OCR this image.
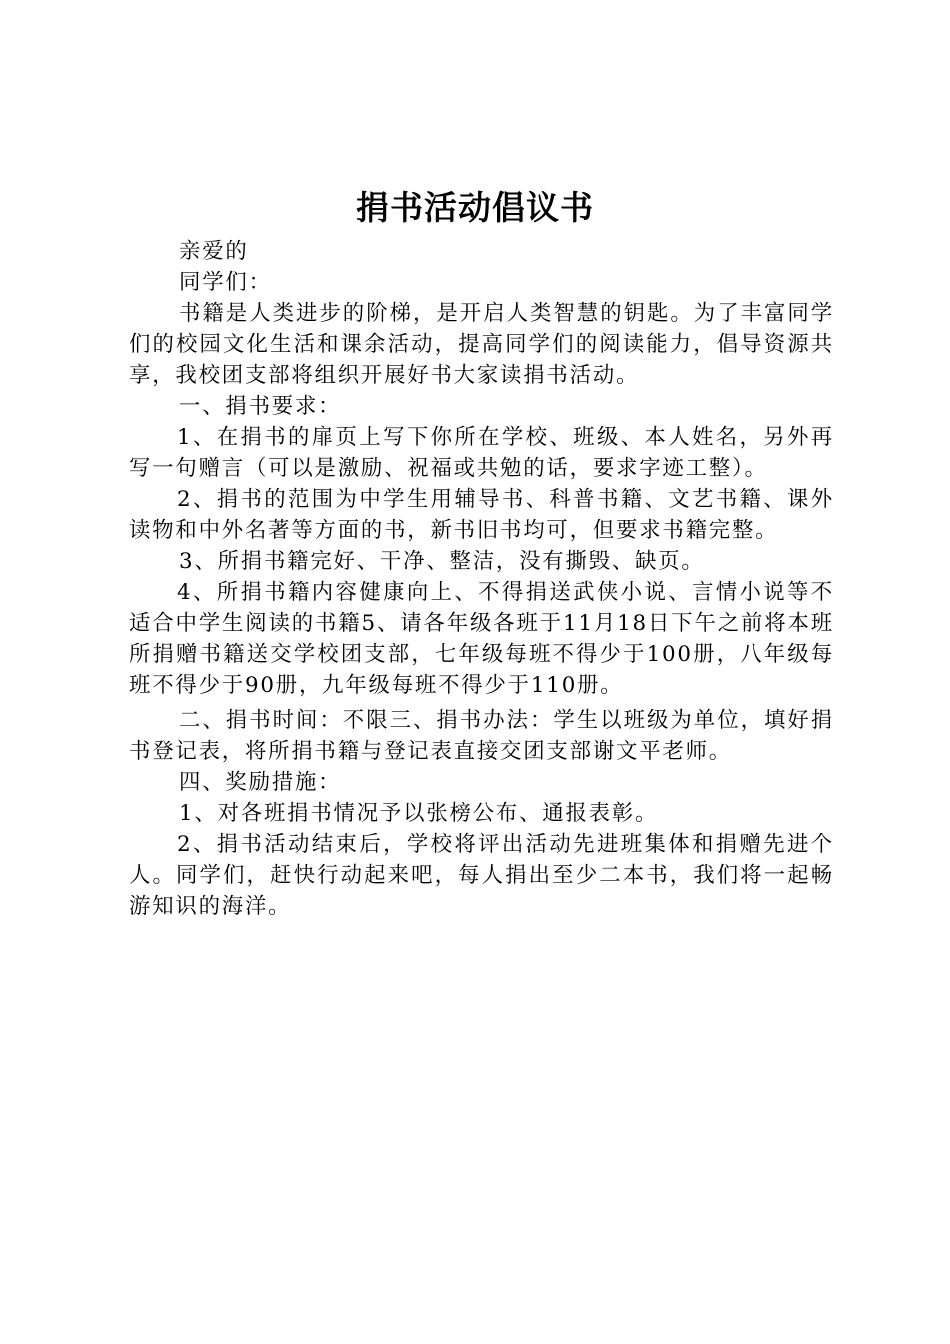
捐书活动倡议书

亲爱的

同学们：

书籍是人类进步的阶梯，是开启人类智慧的钥匙。为了丰富同学们的校园文化生活和课余活动，提高同学们的阅读能力，倡导资源共享，我校团支部将组织开展好书大家读捐书活动。

一、捐书要求：

1、在捐书的扉页上写下你所在学校、班级、本人姓名，另外再写一句赠言（可以是激励、祝福或共勉的话，要求字迹工整）。

2、捐书的范围为中学生用辅导书、科普书籍、文艺书籍、课外读物和中外名著等方面的书，新书旧书均可，但要求书籍完整。

3、所捐书籍完好、干净、整洁，没有撕毁、缺页。

4、所捐书籍内容健康向上、不得捐送武侠小说、言情小说等不适合中学生阅读的书籍5、请各年级各班于11月18日下午之前将本班所捐赠书籍送交学校团支部，七年级每班不得少于100册，八年级每班不得少于90册，九年级每班不得少于110册。

二、捐书时间：不限三、捐书办法：学生以班级为单位，填好捐书登记表，将所捐书籍与登记表直接交团支部谢文平老师。

四、奖励措施：

1、对各班捐书情况予以张榜公布、通报表彰。

2、捐书活动结束后，学校将评出活动先进班集体和捐赠先进个人。同学们，赶快行动起来吧，每人捐出至少二本书，我们将一起畅游知识的海洋。
